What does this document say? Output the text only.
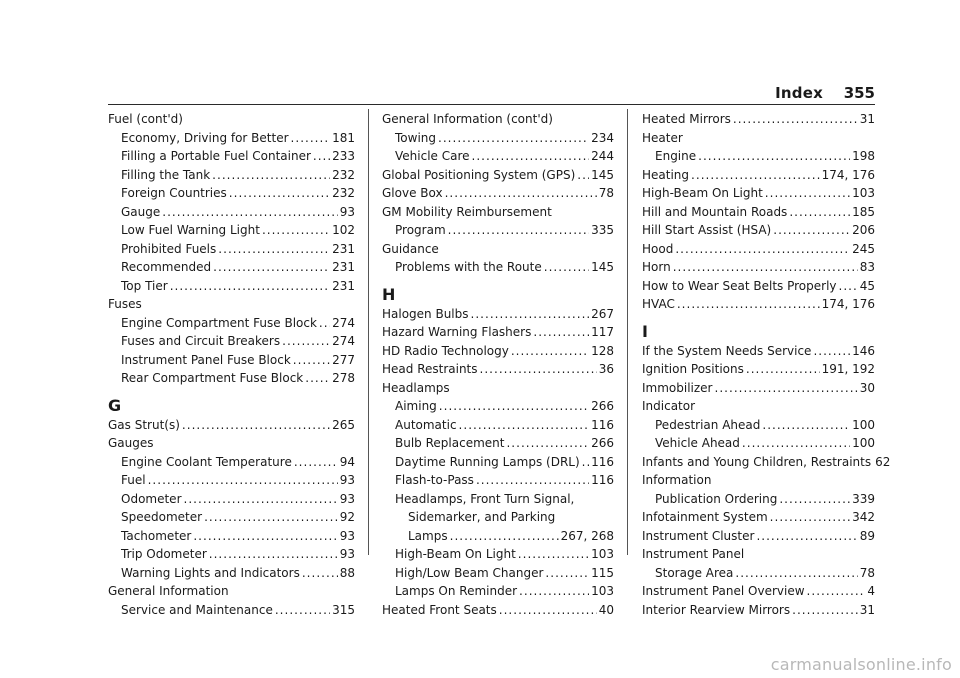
Index 355
Fuel (cont'd)
Economy, Driving for Better . . .	181
Filling a Portable Fuel Container . . . 233
Filling the Tank . . .	232
Foreign Countries . . .	232
Gauge . . .	93
Low Fuel Warning Light . . .	102
Prohibited Fuels . . .	231
Recommended . . .	231
Top Tier . . .	231
Fuses
Engine Compartment Fuse Block . . . 274
Fuses and Circuit Breakers . . .	274
Instrument Panel Fuse Block . . .	277
Rear Compartment Fuse Block . . . 278
G
Gas Strut(s) . . .	265
Gauges
Engine Coolant Temperature . . .	94
Fuel . . .	93
Odometer . . .	93
Speedometer . . .	92
Tachometer . . .	93
Trip Odometer . . .	93
Warning Lights and Indicators . . .	88
General Information
Service and Maintenance . . .	315
General Information (cont'd)
Towing . . .	234
Vehicle Care . . .	244
Global Positioning System (GPS) . . . 145
Glove Box . . .	78
GM Mobility Reimbursement
Program . . .	335
Guidance
Problems with the Route . . .	145
H
Halogen Bulbs . . .	267
Hazard Warning Flashers . . .	117
HD Radio Technology . . .	128
Head Restraints . . .	36
Headlamps
Aiming . . .	266
Automatic . . .	116
Bulb Replacement . . .	266
Daytime Running Lamps (DRL) . . . 116
Flash-to-Pass . . .	116
Headlamps, Front Turn Signal,
Sidemarker, and Parking
Lamps . . .	267, 268
High-Beam On Light . . .	103
High/Low Beam Changer . . .	115
Lamps On Reminder . . .	103
Heated Front Seats . . .	40
Heated Mirrors . . .	31
Heater
Engine . . .	198
Heating . . .	174, 176
High-Beam On Light . . .	103
Hill and Mountain Roads . . .	185
Hill Start Assist (HSA) . . .	206
Hood . . .	245
Horn . . .	83
How to Wear Seat Belts Properly . . . 45
HVAC . . .	174, 176
I
If the System Needs Service . . .	146
Ignition Positions . . .	191, 192
Immobilizer . . .	30
Indicator
Pedestrian Ahead . . .	100
Vehicle Ahead . . .	100
Infants and Young Children, Restraints 62
Information
Publication Ordering . . .	339
Infotainment System . . .	342
Instrument Cluster . . .	89
Instrument Panel
Storage Area . . .	78
Instrument Panel Overview . . .	4
Interior Rearview Mirrors . . .	31
carmanualsonline.info
